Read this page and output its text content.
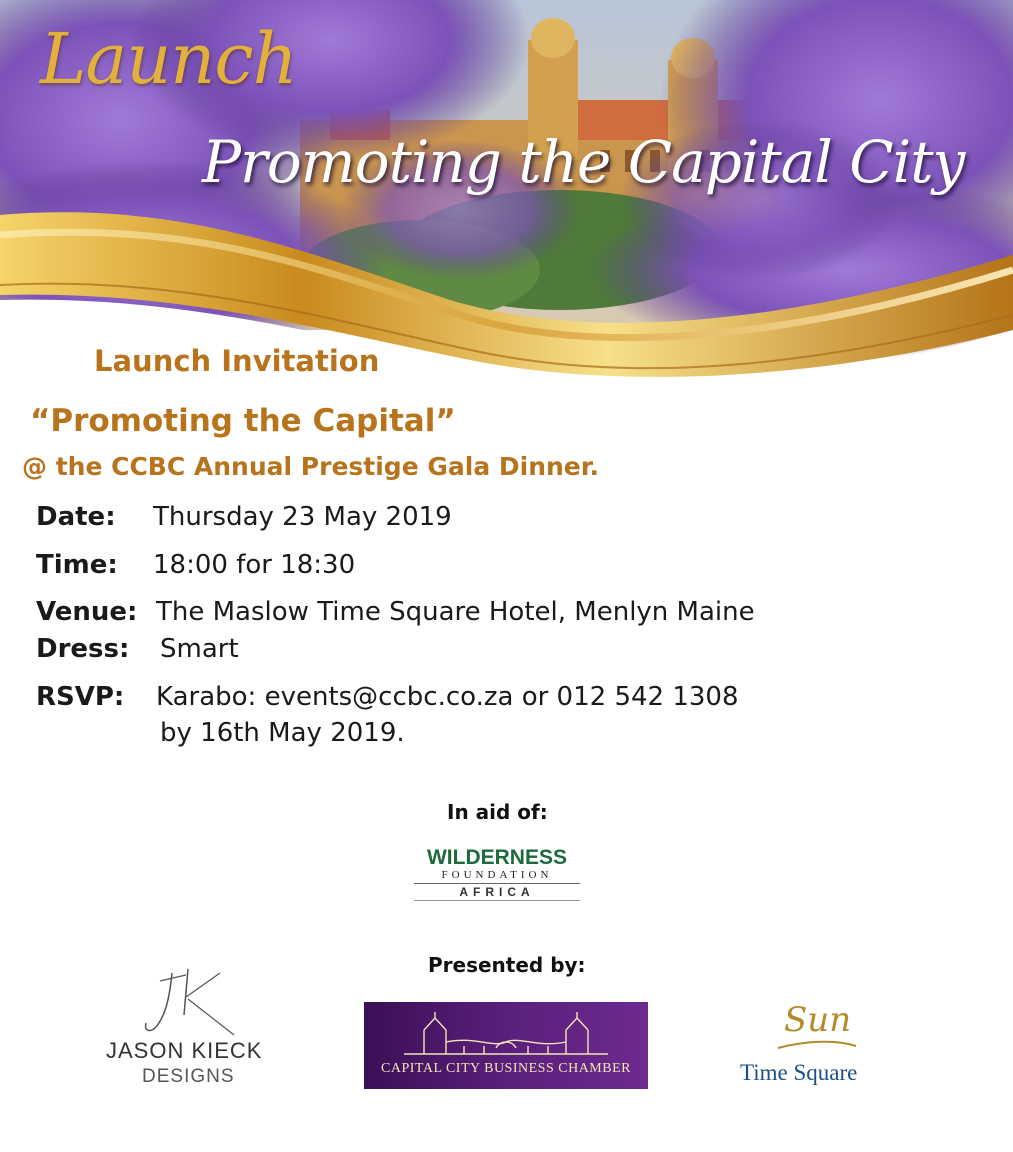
Launch
Promoting the Capital City
Launch Invitation
“Promoting the Capital”
@ the CCBC Annual Prestige Gala Dinner.
Date: Thursday 23 May 2019
Time: 18:00 for 18:30
Venue: The Maslow Time Square Hotel, Menlyn Maine
Dress: Smart
RSVP: Karabo: events@ccbc.co.za or 012 542 1308
by 16th May 2019.
In aid of:
WILDERNESS
FOUNDATION
AFRICA
Presented by:
JASON KIECK
DESIGNS	CAPITAL CITY BUSINESS CHAMBER
Sun
Time Square
